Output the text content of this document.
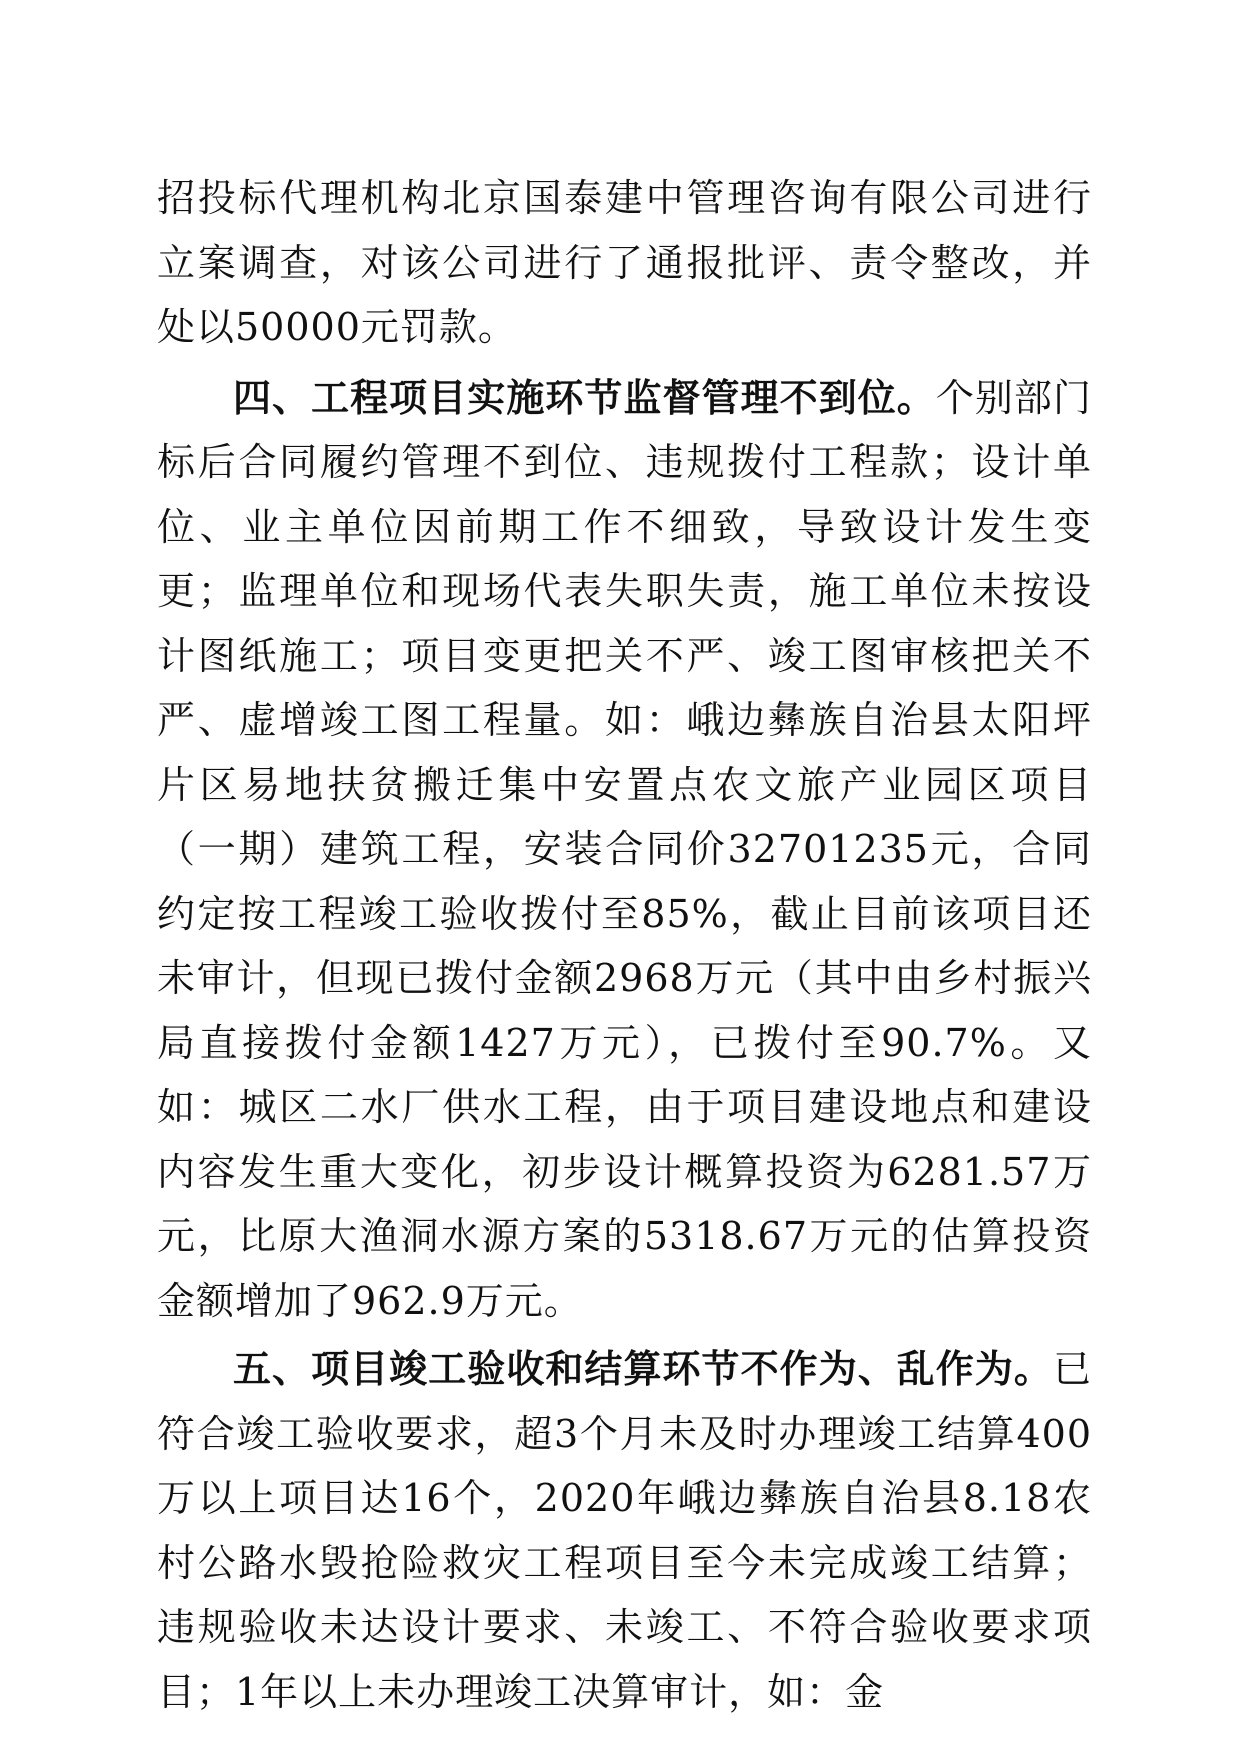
招投标代理机构北京国泰建中管理咨询有限公司进行立案调查，对该公司进行了通报批评、责令整改，并处以50000元罚款。

四、工程项目实施环节监督管理不到位。个别部门标后合同履约管理不到位、违规拨付工程款；设计单位、业主单位因前期工作不细致，导致设计发生变更；监理单位和现场代表失职失责，施工单位未按设计图纸施工；项目变更把关不严、竣工图审核把关不严、虚增竣工图工程量。如：峨边彝族自治县太阳坪片区易地扶贫搬迁集中安置点农文旅产业园区项目（一期）建筑工程，安装合同价32701235元，合同约定按工程竣工验收拨付至85%，截止目前该项目还未审计，但现已拨付金额2968万元（其中由乡村振兴局直接拨付金额1427万元），已拨付至90.7%。又如：城区二水厂供水工程，由于项目建设地点和建设内容发生重大变化，初步设计概算投资为6281.57万元，比原大渔洞水源方案的5318.67万元的估算投资金额增加了962.9万元。

五、项目竣工验收和结算环节不作为、乱作为。已符合竣工验收要求，超3个月未及时办理竣工结算400万以上项目达16个，2020年峨边彝族自治县8.18农村公路水毁抢险救灾工程项目至今未完成竣工结算；违规验收未达设计要求、未竣工、不符合验收要求项目；1年以上未办理竣工决算审计，如：金
